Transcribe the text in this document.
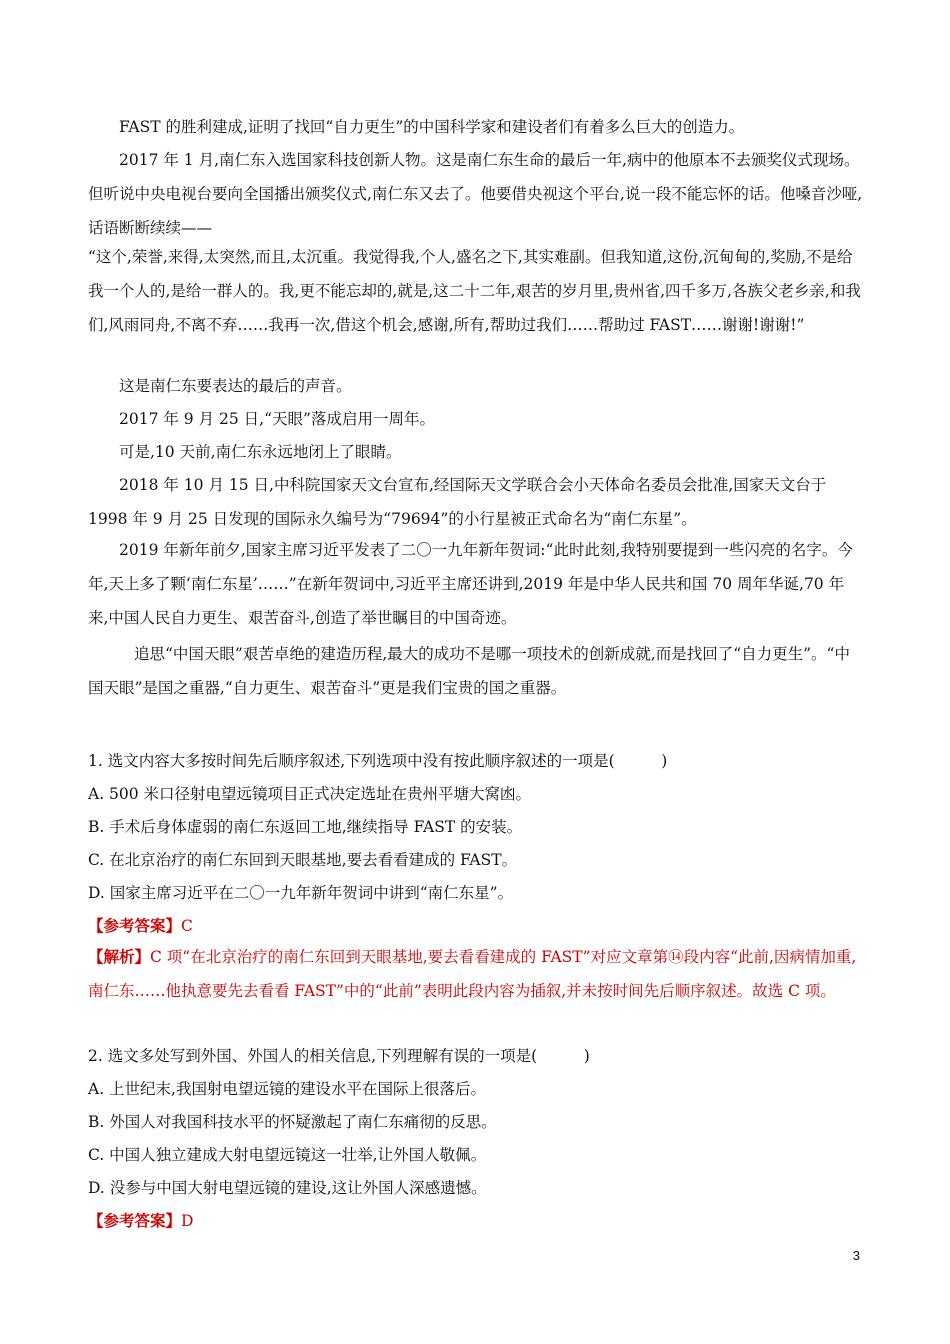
FAST 的胜利建成,证明了找回“自力更生”的中国科学家和建设者们有着多么巨大的创造力。

2017 年 1 月,南仁东入选国家科技创新人物。这是南仁东生命的最后一年,病中的他原本不去颁奖仪式现场。但听说中央电视台要向全国播出颁奖仪式,南仁东又去了。他要借央视这个平台,说一段不能忘怀的话。他嗓音沙哑,话语断断续续——

“这个,荣誉,来得,太突然,而且,太沉重。我觉得我,个人,盛名之下,其实难副。但我知道,这份,沉甸甸的,奖励,不是给我一个人的,是给一群人的。我,更不能忘却的,就是,这二十二年,艰苦的岁月里,贵州省,四千多万,各族父老乡亲,和我们,风雨同舟,不离不弃……我再一次,借这个机会,感谢,所有,帮助过我们……帮助过 FAST……谢谢!谢谢!”

这是南仁东要表达的最后的声音。

2017 年 9 月 25 日,“天眼”落成启用一周年。

可是,10 天前,南仁东永远地闭上了眼睛。

2018 年 10 月 15 日,中科院国家天文台宣布,经国际天文学联合会小天体命名委员会批准,国家天文台于 1998 年 9 月 25 日发现的国际永久编号为“79694”的小行星被正式命名为“南仁东星”。

2019 年新年前夕,国家主席习近平发表了二〇一九年新年贺词:“此时此刻,我特别要提到一些闪亮的名字。今年,天上多了颗‘南仁东星’……”在新年贺词中,习近平主席还讲到,2019 年是中华人民共和国 70 周年华诞,70 年来,中国人民自力更生、艰苦奋斗,创造了举世瞩目的中国奇迹。

追思“中国天眼”艰苦卓绝的建造历程,最大的成功不是哪一项技术的创新成就,而是找回了“自力更生”。“中国天眼”是国之重器,“自力更生、艰苦奋斗”更是我们宝贵的国之重器。

1. 选文内容大多按时间先后顺序叙述,下列选项中没有按此顺序叙述的一项是(　　　)

A. 500 米口径射电望远镜项目正式决定选址在贵州平塘大窝凼。

B. 手术后身体虚弱的南仁东返回工地,继续指导 FAST 的安装。

C. 在北京治疗的南仁东回到天眼基地,要去看看建成的 FAST。

D. 国家主席习近平在二〇一九年新年贺词中讲到“南仁东星”。

【参考答案】C

【解析】C 项“在北京治疗的南仁东回到天眼基地,要去看看建成的 FAST”对应文章第⑭段内容“此前,因病情加重,南仁东……他执意要先去看看 FAST”中的“此前”表明此段内容为插叙,并未按时间先后顺序叙述。故选 C 项。

2. 选文多处写到外国、外国人的相关信息,下列理解有误的一项是(　　　)

A. 上世纪末,我国射电望远镜的建设水平在国际上很落后。

B. 外国人对我国科技水平的怀疑激起了南仁东痛彻的反思。

C. 中国人独立建成大射电望远镜这一壮举,让外国人敬佩。

D. 没参与中国大射电望远镜的建设,这让外国人深感遗憾。

【参考答案】D

3
